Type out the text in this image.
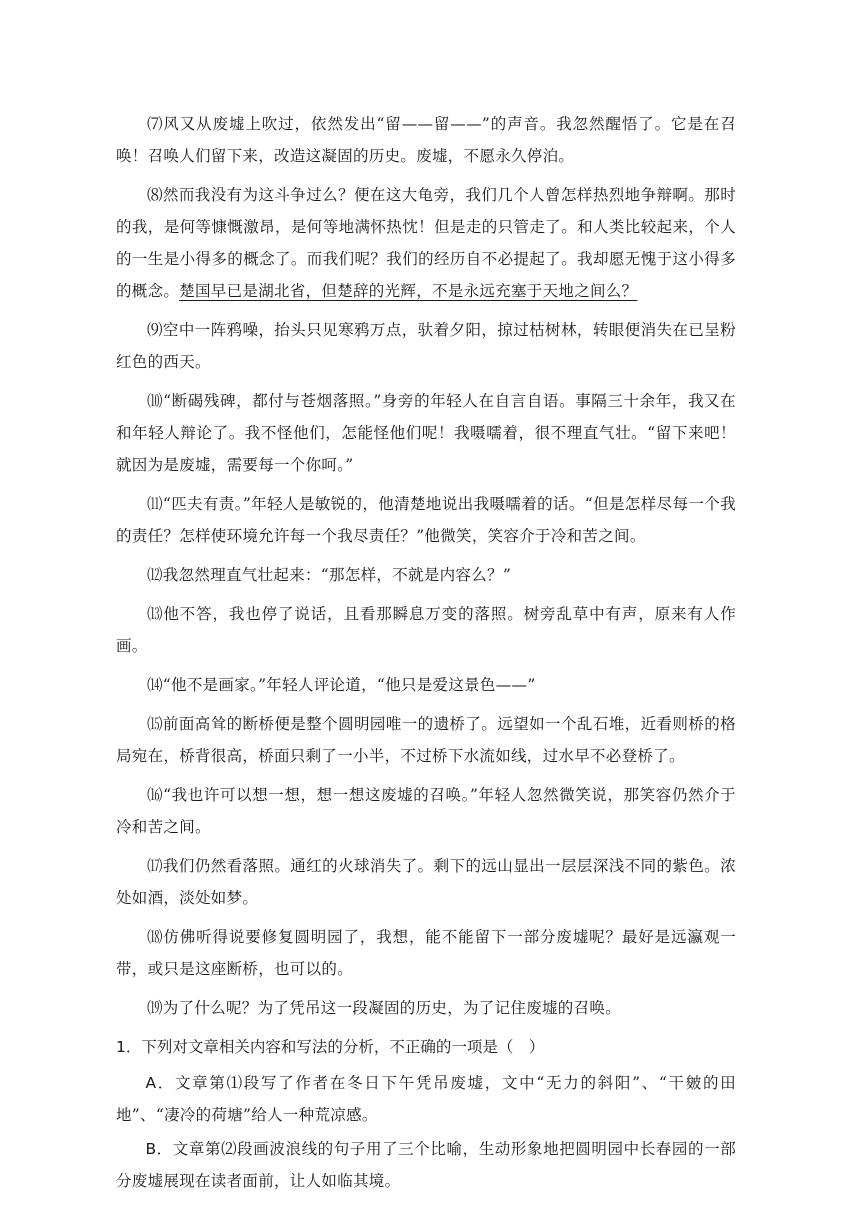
⑺风又从废墟上吹过，依然发出“留——留——”的声音。我忽然醒悟了。它是在召唤！召唤人们留下来，改造这凝固的历史。废墟，不愿永久停泊。

⑻然而我没有为这斗争过么？便在这大龟旁，我们几个人曾怎样热烈地争辩啊。那时的我，是何等慷慨激昂，是何等地满怀热忱！但是走的只管走了。和人类比较起来，个人的一生是小得多的概念了。而我们呢？我们的经历自不必提起了。我却愿无愧于这小得多的概念。楚国早已是湖北省，但楚辞的光辉，不是永远充塞于天地之间么？

⑼空中一阵鸦噪，抬头只见寒鸦万点，驮着夕阳，掠过枯树林，转眼便消失在已呈粉红色的西天。

⑽“断碣残碑，都付与苍烟落照。”身旁的年轻人在自言自语。事隔三十余年，我又在和年轻人辩论了。我不怪他们，怎能怪他们呢！我嗫嚅着，很不理直气壮。“留下来吧！就因为是废墟，需要每一个你呵。”

⑾“匹夫有责。”年轻人是敏锐的，他清楚地说出我嗫嚅着的话。“但是怎样尽每一个我的责任？怎样使环境允许每一个我尽责任？”他微笑，笑容介于冷和苦之间。

⑿我忽然理直气壮起来：“那怎样，不就是内容么？”

⒀他不答，我也停了说话，且看那瞬息万变的落照。树旁乱草中有声，原来有人作画。

⒁“他不是画家。”年轻人评论道，“他只是爱这景色——”

⒂前面高耸的断桥便是整个圆明园唯一的遗桥了。远望如一个乱石堆，近看则桥的格局宛在，桥背很高，桥面只剩了一小半，不过桥下水流如线，过水早不必登桥了。

⒃“我也许可以想一想，想一想这废墟的召唤。”年轻人忽然微笑说，那笑容仍然介于冷和苦之间。

⒄我们仍然看落照。通红的火球消失了。剩下的远山显出一层层深浅不同的紫色。浓处如酒，淡处如梦。

⒅仿佛听得说要修复圆明园了，我想，能不能留下一部分废墟呢？最好是远瀛观一带，或只是这座断桥，也可以的。

⒆为了什么呢？为了凭吊这一段凝固的历史，为了记住废墟的召唤。

1．下列对文章相关内容和写法的分析，不正确的一项是（　）

A．文章第⑴段写了作者在冬日下午凭吊废墟，文中“无力的斜阳”、“干皴的田地”、“凄冷的荷塘”给人一种荒凉感。

B．文章第⑵段画波浪线的句子用了三个比喻，生动形象地把圆明园中长春园的一部分废墟展现在读者面前，让人如临其境。
